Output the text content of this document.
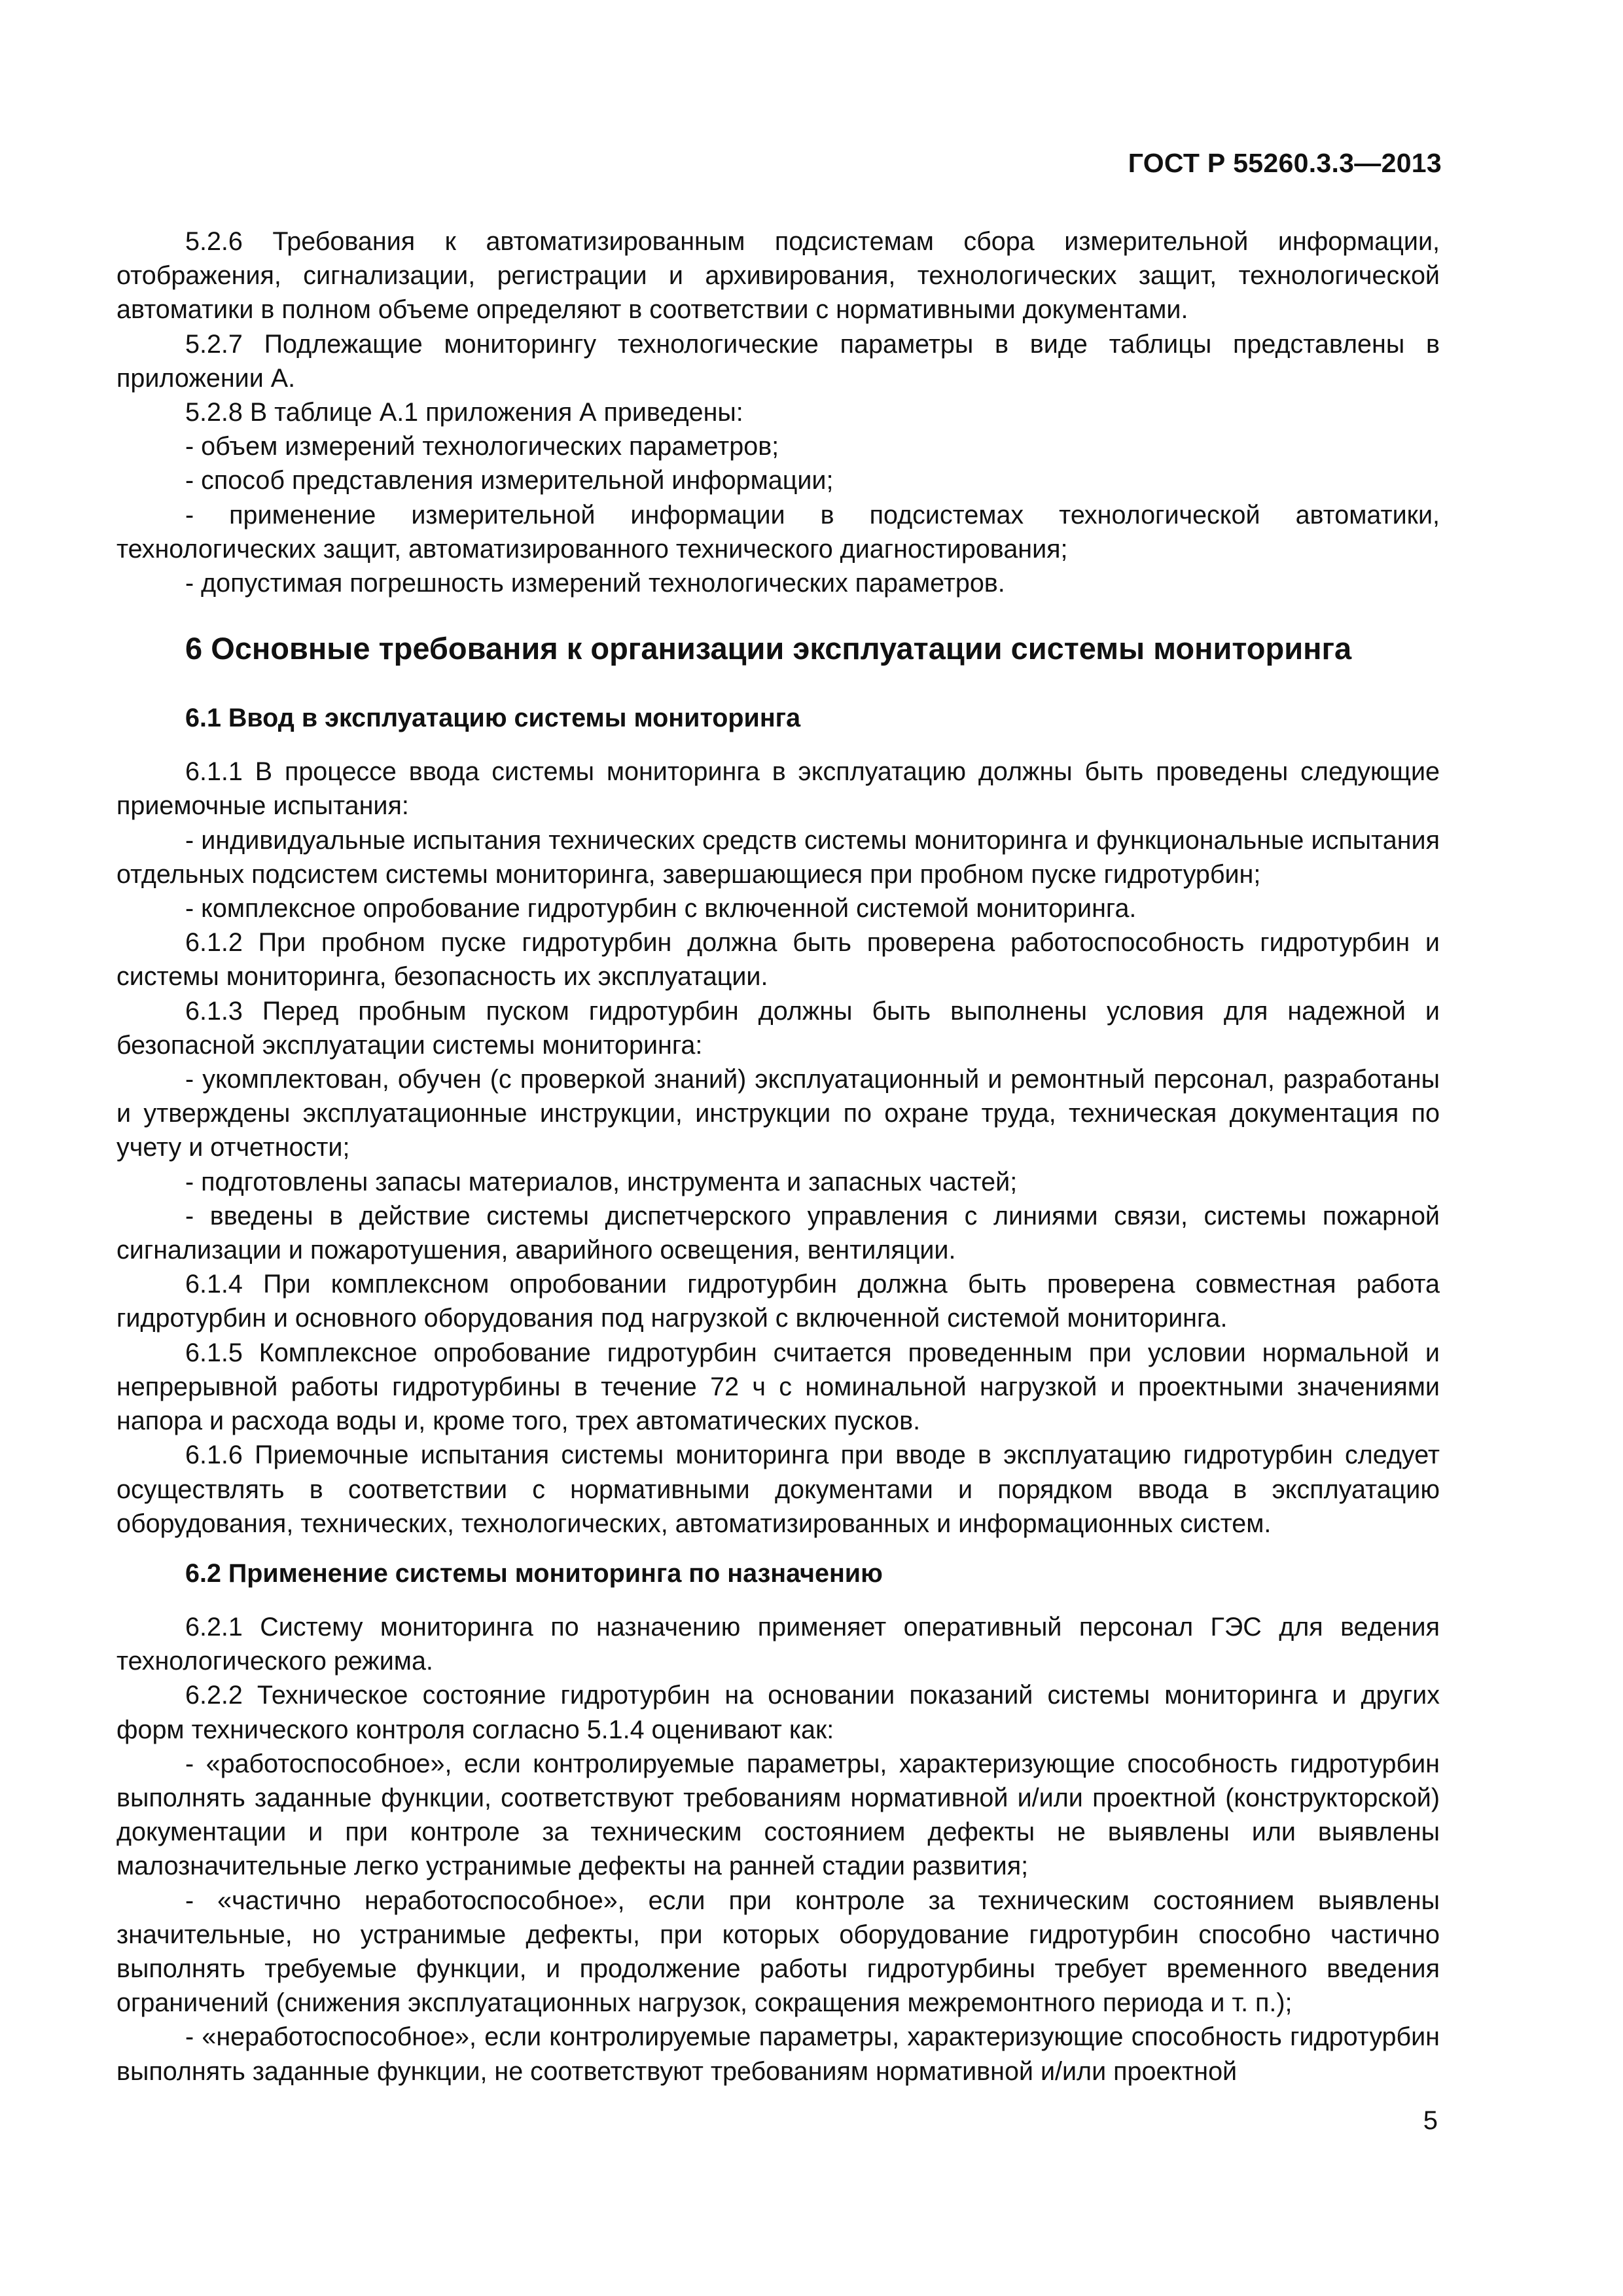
ГОСТ Р 55260.3.3—2013

5.2.6 Требования к автоматизированным подсистемам сбора измерительной информации, отображения, сигнализации, регистрации и архивирования, технологических защит, технологической автоматики в полном объеме определяют в соответствии с нормативными документами.

5.2.7 Подлежащие мониторингу технологические параметры в виде таблицы представлены в приложении А.

5.2.8 В таблице А.1 приложения А приведены:

- объем измерений технологических параметров;

- способ представления измерительной информации;

- применение измерительной информации в подсистемах технологической автоматики, технологических защит, автоматизированного технического диагностирования;

- допустимая погрешность измерений технологических параметров.

6 Основные требования к организации эксплуатации системы мониторинга
6.1 Ввод в эксплуатацию системы мониторинга

6.1.1 В процессе ввода системы мониторинга в эксплуатацию должны быть проведены следующие приемочные испытания:

- индивидуальные испытания технических средств системы мониторинга и функциональные испытания отдельных подсистем системы мониторинга, завершающиеся при пробном пуске гидротурбин;

- комплексное опробование гидротурбин с включенной системой мониторинга.

6.1.2 При пробном пуске гидротурбин должна быть проверена работоспособность гидротурбин и системы мониторинга, безопасность их эксплуатации.

6.1.3 Перед пробным пуском гидротурбин должны быть выполнены условия для надежной и безопасной эксплуатации системы мониторинга:

- укомплектован, обучен (с проверкой знаний) эксплуатационный и ремонтный персонал, разработаны и утверждены эксплуатационные инструкции, инструкции по охране труда, техническая документация по учету и отчетности;

- подготовлены запасы материалов, инструмента и запасных частей;

- введены в действие системы диспетчерского управления с линиями связи, системы пожарной сигнализации и пожаротушения, аварийного освещения, вентиляции.

6.1.4 При комплексном опробовании гидротурбин должна быть проверена совместная работа гидротурбин и основного оборудования под нагрузкой с включенной системой мониторинга.

6.1.5 Комплексное опробование гидротурбин считается проведенным при условии нормальной и непрерывной работы гидротурбины в течение 72 ч с номинальной нагрузкой и проектными значениями напора и расхода воды и, кроме того, трех автоматических пусков.

6.1.6 Приемочные испытания системы мониторинга при вводе в эксплуатацию гидротурбин следует осуществлять в соответствии с нормативными документами и порядком ввода в эксплуатацию оборудования, технических, технологических, автоматизированных и информационных систем.

6.2 Применение системы мониторинга по назначению

6.2.1 Систему мониторинга по назначению применяет оперативный персонал ГЭС для ведения технологического режима.

6.2.2 Техническое состояние гидротурбин на основании показаний системы мониторинга и других форм технического контроля согласно 5.1.4 оценивают как:

- «работоспособное», если контролируемые параметры, характеризующие способность гидротурбин выполнять заданные функции, соответствуют требованиям нормативной и/или проектной (конструкторской) документации и при контроле за техническим состоянием дефекты не выявлены или выявлены малозначительные легко устранимые дефекты на ранней стадии развития;

- «частично неработоспособное», если при контроле за техническим состоянием выявлены значительные, но устранимые дефекты, при которых оборудование гидротурбин способно частично выполнять требуемые функции, и продолжение работы гидротурбины требует временного введения ограничений (снижения эксплуатационных нагрузок, сокращения межремонтного периода и т. п.);

- «неработоспособное», если контролируемые параметры, характеризующие способность гидротурбин выполнять заданные функции, не соответствуют требованиям нормативной и/или проектной

5
